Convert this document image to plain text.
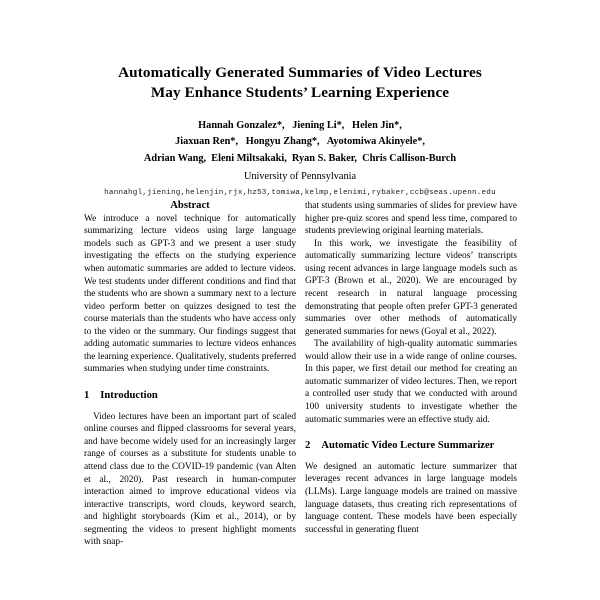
Automatically Generated Summaries of Video Lectures
May Enhance Students’ Learning Experience
Hannah Gonzalez*,   Jiening Li*,   Helen Jin*,
Jiaxuan Ren*,   Hongyu Zhang*,   Ayotomiwa Akinyele*,
Adrian Wang,  Eleni Miltsakaki,  Ryan S. Baker,  Chris Callison-Burch
University of Pennsylvania
hannahgl,jiening,helenjin,rjx,hz53,tomiwa,kelmp,elenimi,rybaker,ccb@seas.upenn.edu
Abstract

We introduce a novel technique for automatically summarizing lecture videos using large language models such as GPT-3 and we present a user study investigating the effects on the studying experience when automatic summaries are added to lecture videos. We test students under different conditions and find that the students who are shown a summary next to a lecture video perform better on quizzes designed to test the course materials than the students who have access only to the video or the summary. Our findings suggest that adding automatic summaries to lecture videos enhances the learning experience. Qualitatively, students preferred summaries when studying under time constraints.

1 Introduction

Video lectures have been an important part of scaled online courses and flipped classrooms for several years, and have become widely used for an increasingly larger range of courses as a substitute for students unable to attend class due to the COVID-19 pandemic (van Alten et al., 2020). Past research in human-computer interaction aimed to improve educational videos via interactive transcripts, word clouds, keyword search, and highlight storyboards (Kim et al., 2014), or by segmenting the videos to present highlight moments with snap-

that students using summaries of slides for preview have higher pre-quiz scores and spend less time, compared to students previewing original learning materials.

In this work, we investigate the feasibility of automatically summarizing lecture videos’ transcripts using recent advances in large language models such as GPT-3 (Brown et al., 2020). We are encouraged by recent research in natural language processing demonstrating that people often prefer GPT-3 generated summaries over other methods of automatically generated summaries for news (Goyal et al., 2022).

The availability of high-quality automatic summaries would allow their use in a wide range of online courses. In this paper, we first detail our method for creating an automatic summarizer of video lectures. Then, we report a controlled user study that we conducted with around 100 university students to investigate whether the automatic summaries were an effective study aid.

2 Automatic Video Lecture Summarizer

We designed an automatic lecture summarizer that leverages recent advances in large language models (LLMs). Large language models are trained on massive language datasets, thus creating rich representations of language content. These models have been especially successful in generating fluent
